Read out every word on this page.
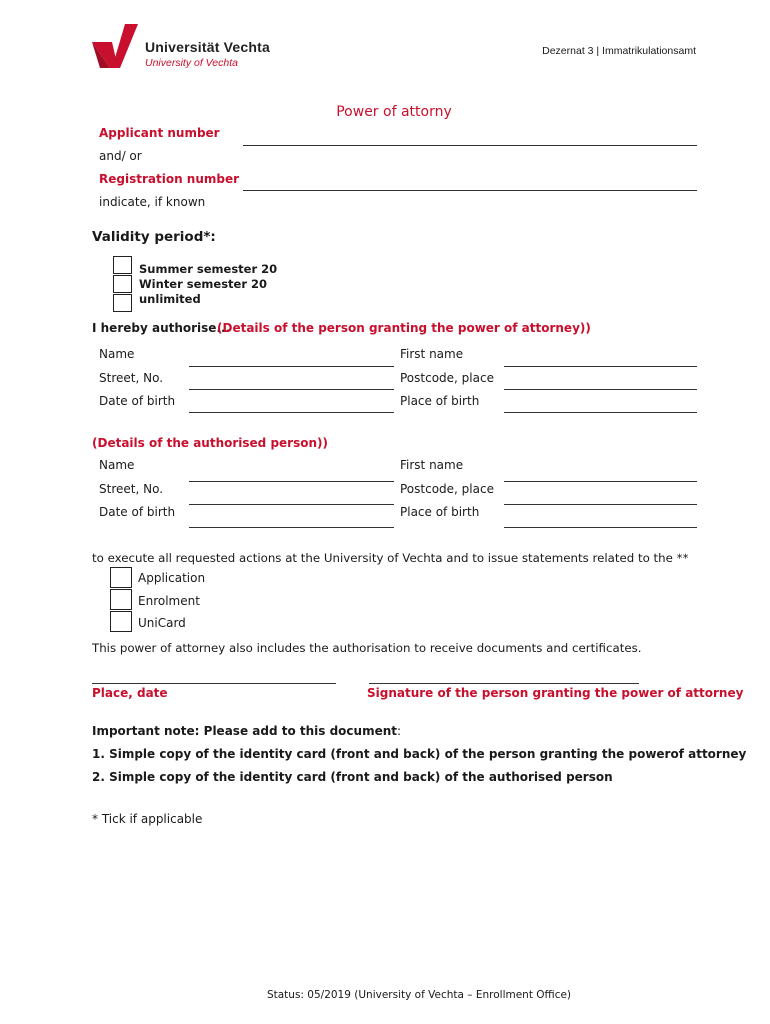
Universität Vechta
University of Vechta
Dezernat 3 | Immatrikulationsamt
Power of attorny
Applicant number
and/ or
Registration number
indicate, if known
Validity period*:
Summer semester 20
Winter semester 20
unlimited
I hereby authorise...
(Details of the person granting the power of attorney))
Name	First name
Street, No.	Postcode, place
Date of birth	Place of birth
(Details of the authorised person))
Name	First name
Street, No.	Postcode, place
Date of birth	Place of birth
to execute all requested actions at the University of Vechta and to issue statements related to the **
Application
Enrolment
UniCard
This power of attorney also includes the authorisation to receive documents and certificates.
Place, date	Signature of the person granting the power of attorney
Important note: Please add to this document:
1. Simple copy of the identity card (front and back) of the person granting the powerof attorney
2. Simple copy of the identity card (front and back) of the authorised person
* Tick if applicable
Status: 05/2019 (University of Vechta – Enrollment Office)
